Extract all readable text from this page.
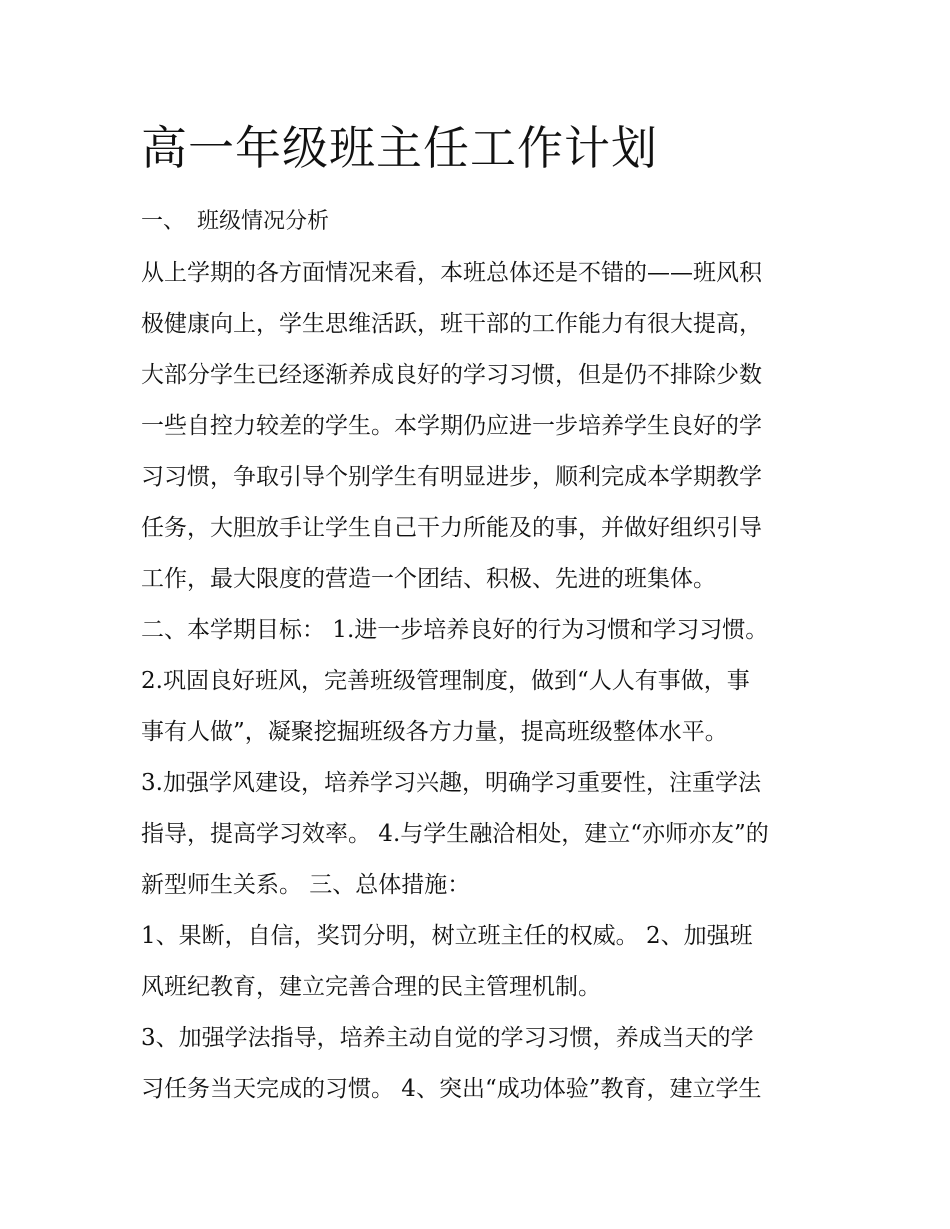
高一年级班主任工作计划
一、 班级情况分析
从上学期的各方面情况来看，本班总体还是不错的——班风积
极健康向上，学生思维活跃，班干部的工作能力有很大提高，
大部分学生已经逐渐养成良好的学习习惯，但是仍不排除少数
一些自控力较差的学生。本学期仍应进一步培养学生良好的学
习习惯，争取引导个别学生有明显进步，顺利完成本学期教学
任务，大胆放手让学生自己干力所能及的事，并做好组织引导
工作，最大限度的营造一个团结、积极、先进的班集体。
二、本学期目标： 1.进一步培养良好的行为习惯和学习习惯。
2.巩固良好班风，完善班级管理制度，做到“人人有事做，事
事有人做”，凝聚挖掘班级各方力量，提高班级整体水平。
3.加强学风建设，培养学习兴趣，明确学习重要性，注重学法
指导，提高学习效率。 4.与学生融洽相处，建立“亦师亦友”的
新型师生关系。 三、总体措施：
1、果断，自信，奖罚分明，树立班主任的权威。 2、加强班
风班纪教育，建立完善合理的民主管理机制。
3、加强学法指导，培养主动自觉的学习习惯，养成当天的学
习任务当天完成的习惯。 4、突出“成功体验”教育，建立学生
